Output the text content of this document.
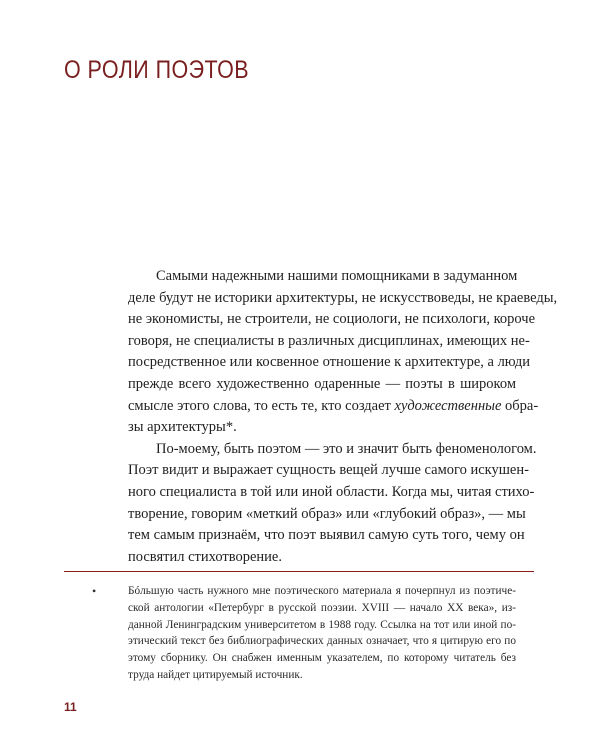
О РОЛИ ПОЭТОВ

Самыми надежными нашими помощниками в задуманном
деле будут не историки архитектуры, не искусствоведы, не краеведы,
не экономисты, не строители, не социологи, не психологи, короче
говоря, не специалисты в различных дисциплинах, имеющих не-
посредственное или косвенное отношение к архитектуре, а люди
прежде всего художественно одаренные — поэты в широком
смысле этого слова, то есть те, кто создает художественные обра-
зы архитектуры*.

По-моему, быть поэтом — это и значит быть феноменологом.
Поэт видит и выражает сущность вещей лучше самого искушен-
ного специалиста в той или иной области. Когда мы, читая стихо-
творение, говорим «меткий образ» или «глубокий образ», — мы
тем самым признаём, что поэт выявил самую суть того, чему он
посвятил стихотворение.

•	Бóльшую часть нужного мне поэтического материала я почерпнул из поэтиче-
ской антологии «Петербург в русской поэзии. XVIII — начало XX века», из-
данной Ленинградским университетом в 1988 году. Ссылка на тот или иной по-
этический текст без библиографических данных означает, что я цитирую его по
этому сборнику. Он снабжен именным указателем, по которому читатель без
труда найдет цитируемый источник.
11
